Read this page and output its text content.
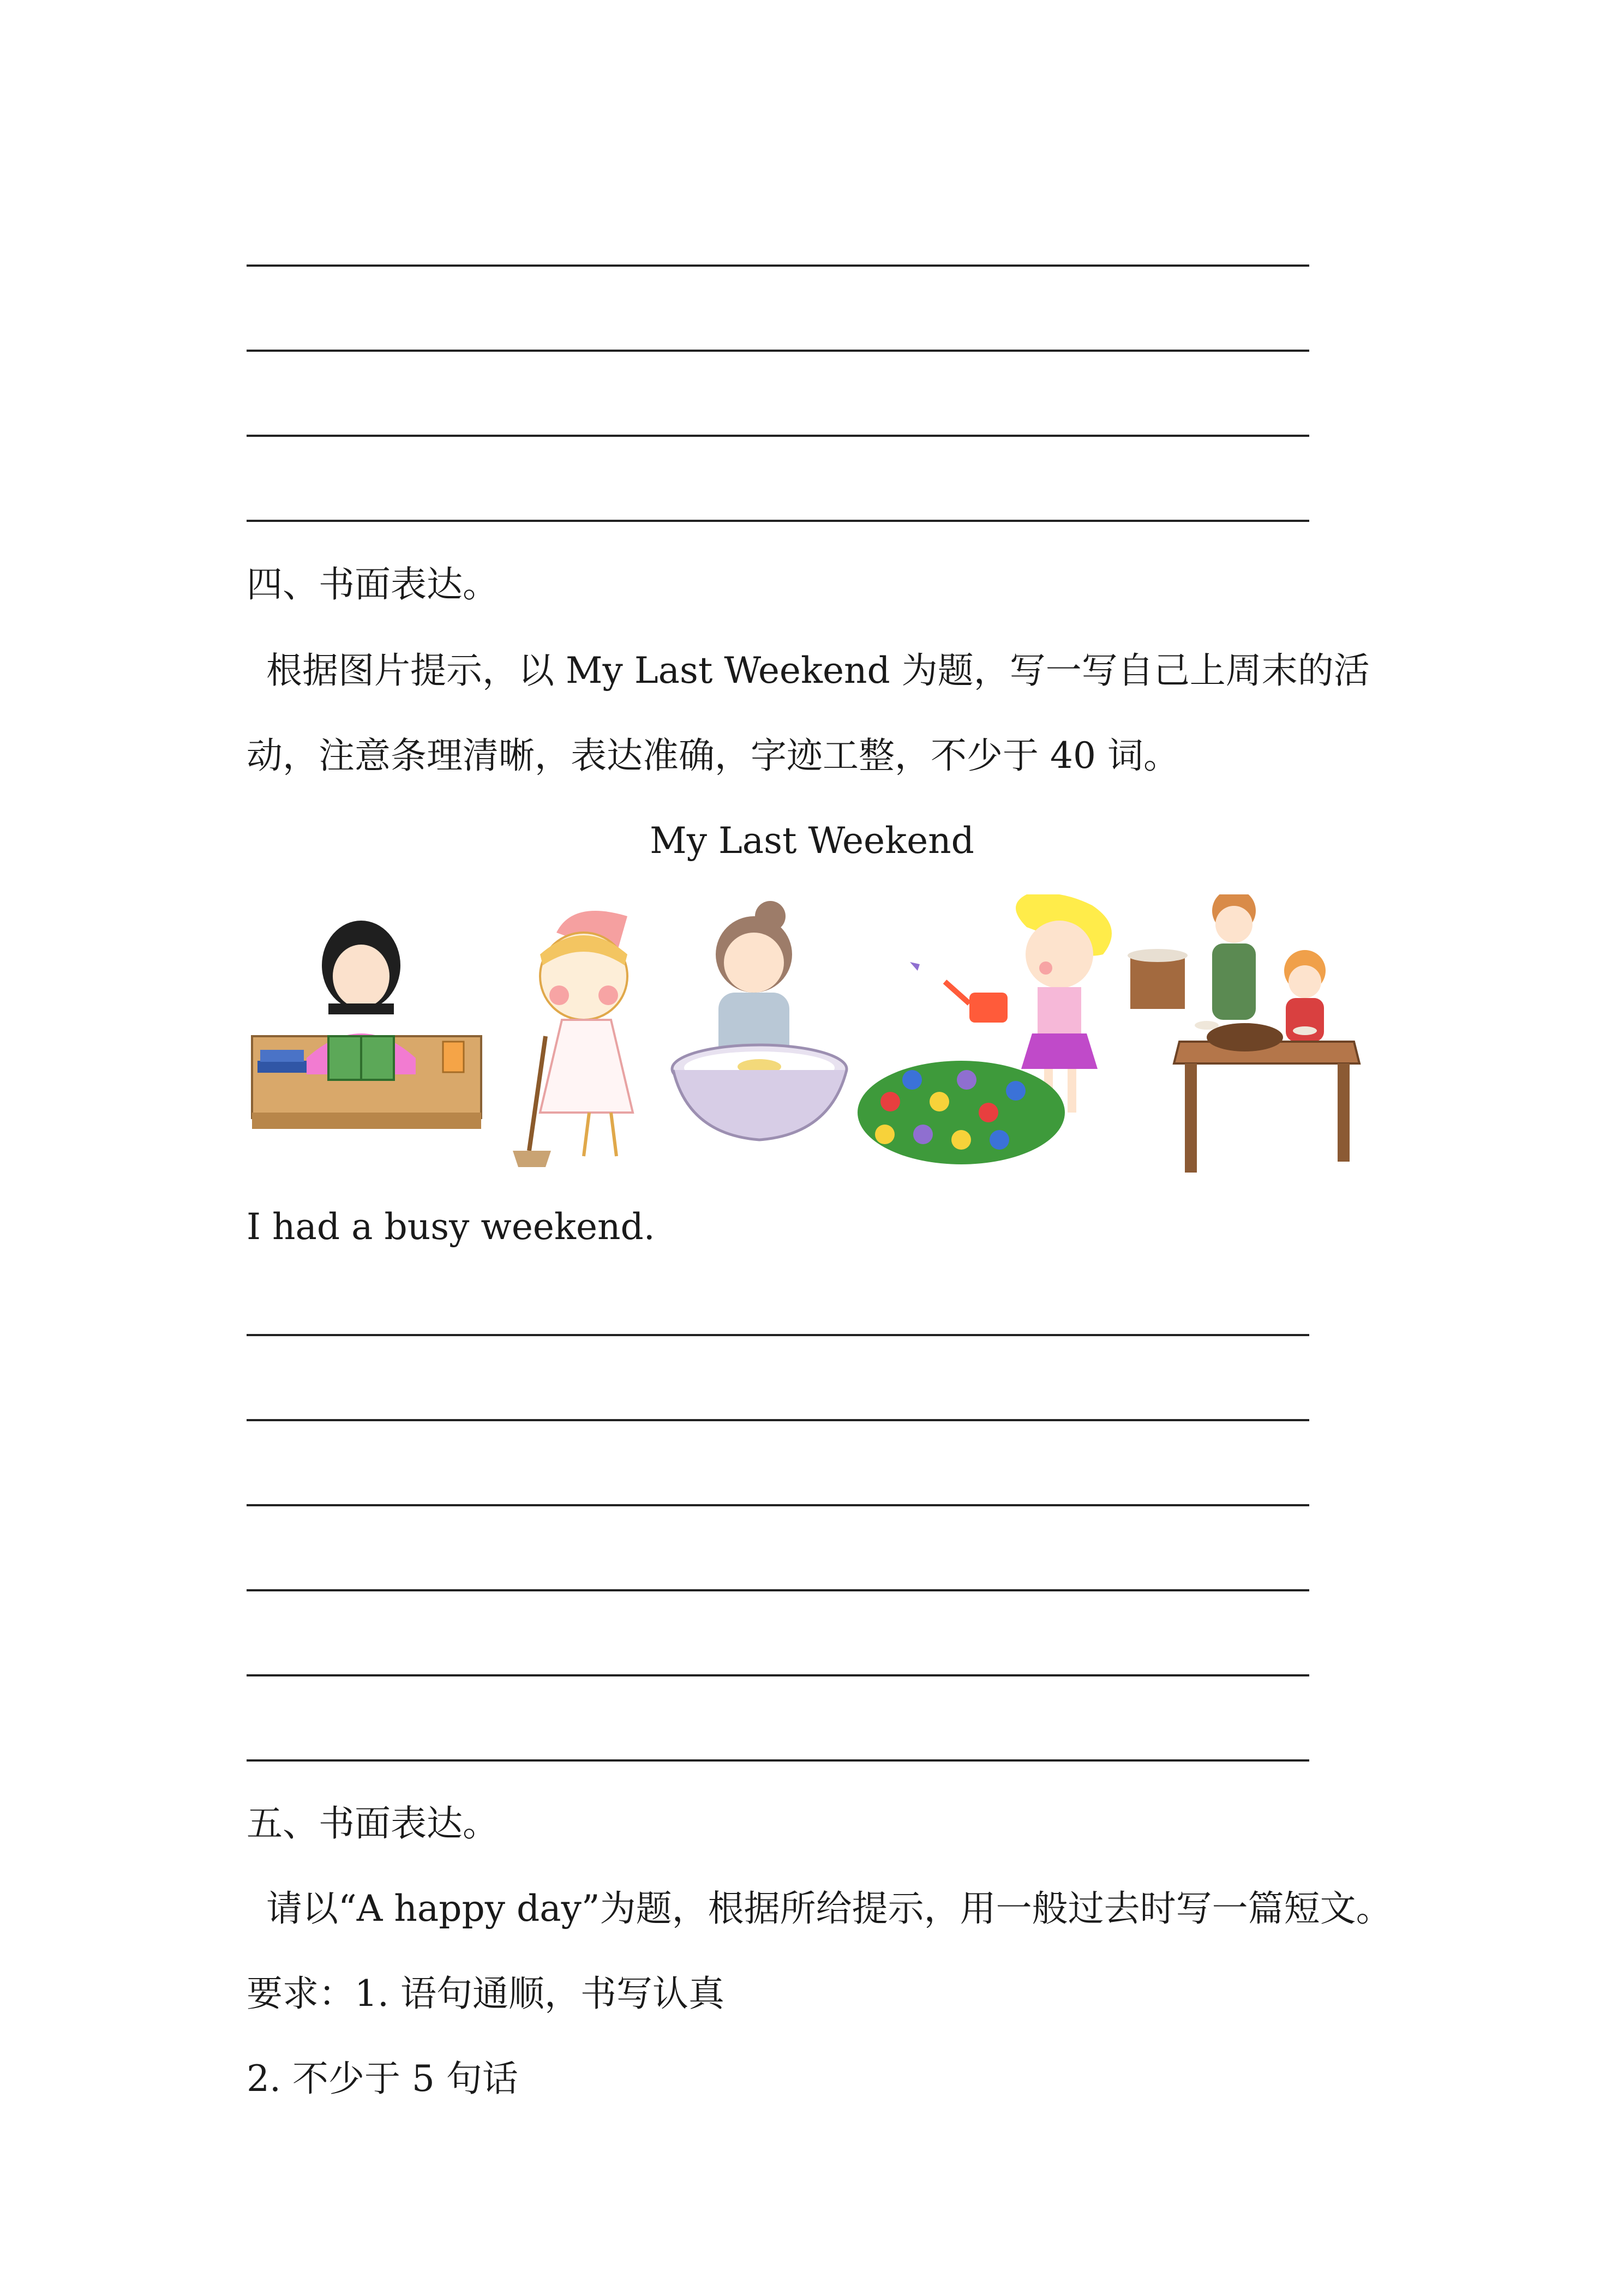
四、书面表达。
根据图片提示，以 My Last Weekend 为题，写一写自己上周末的活
动，注意条理清晰，表达准确，字迹工整，不少于 40 词。
My Last Weekend
I had a busy weekend.
五、书面表达。
请以“A happy day”为题，根据所给提示，用一般过去时写一篇短文。
要求：1. 语句通顺，书写认真
2. 不少于 5 句话
